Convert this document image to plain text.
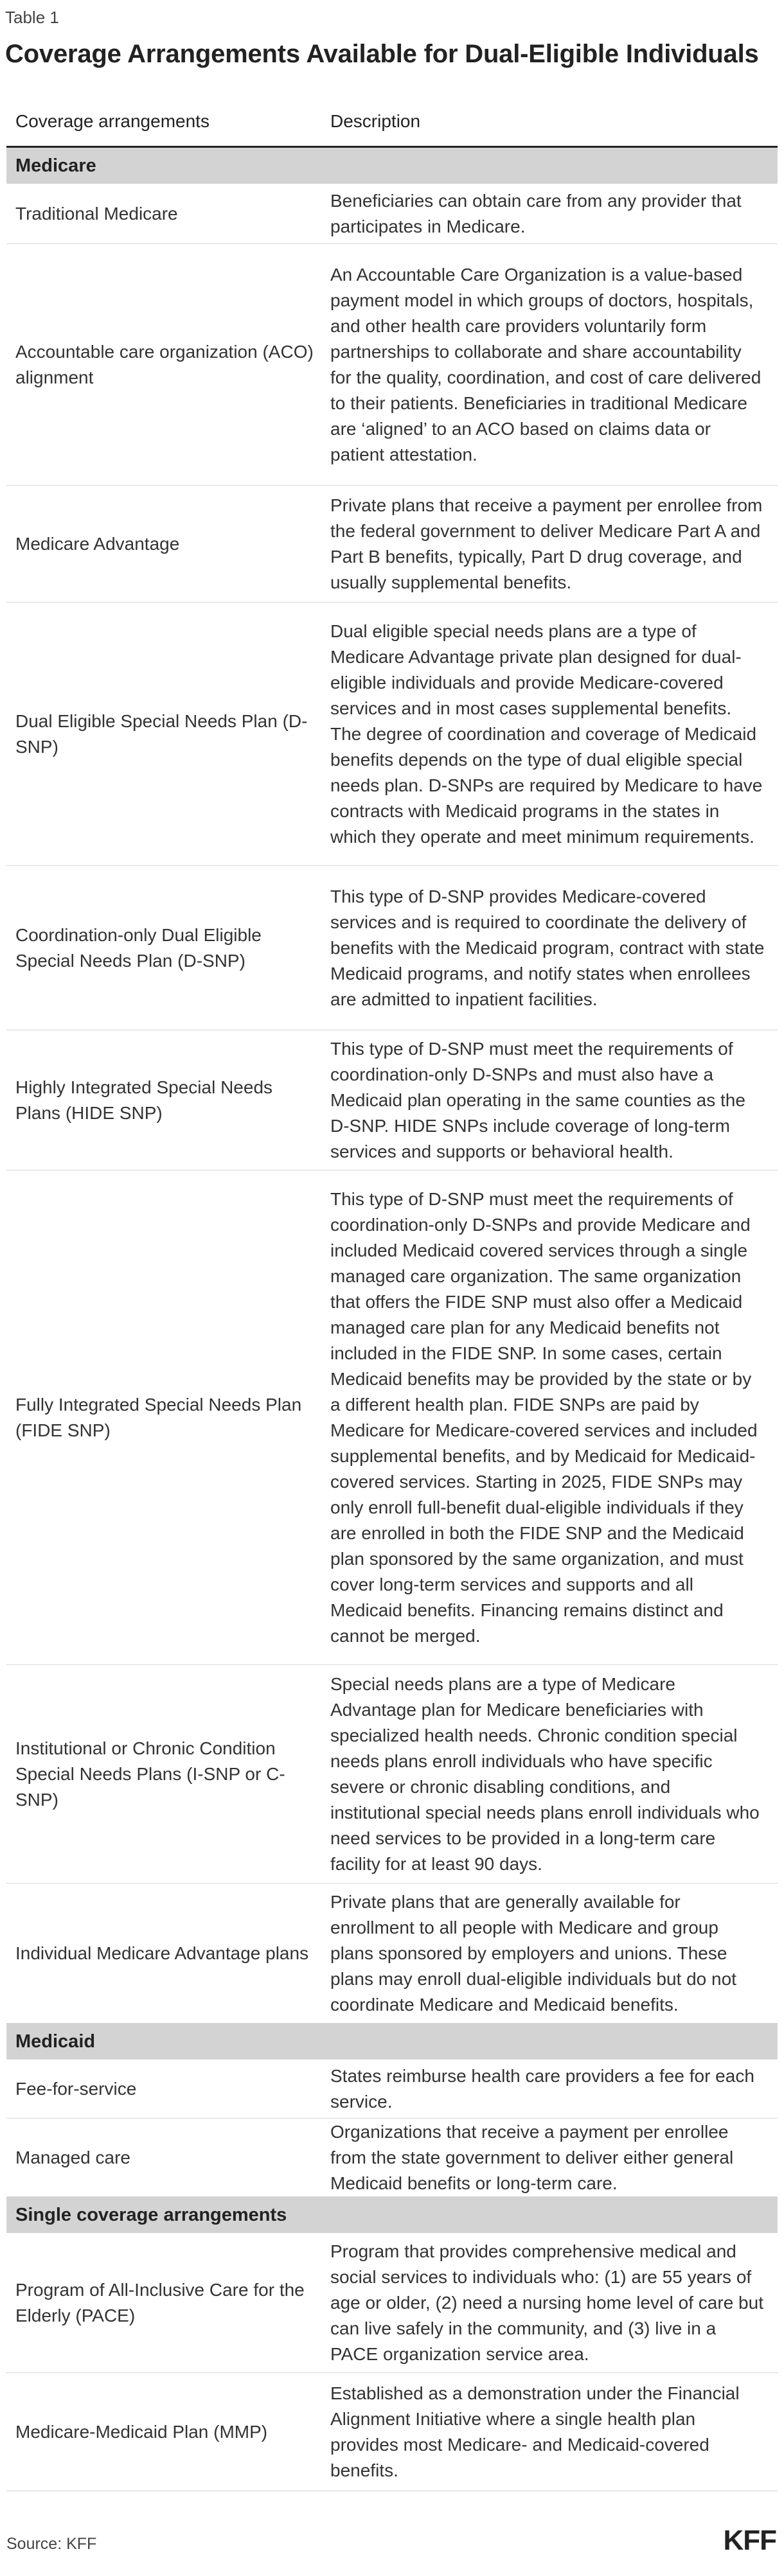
Table 1
Coverage Arrangements Available for Dual-Eligible Individuals
Coverage arrangements	Description
Medicare
Traditional Medicare
Beneficiaries can obtain care from any provider that participates in Medicare.
Accountable care organization (ACO) alignment
An Accountable Care Organization is a value-based payment model in which groups of doctors, hospitals, and other health care providers voluntarily form partnerships to collaborate and share accountability for the quality, coordination, and cost of care delivered to their patients. Beneficiaries in traditional Medicare are ‘aligned’ to an ACO based on claims data or patient attestation.
Medicare Advantage
Private plans that receive a payment per enrollee from the federal government to deliver Medicare Part A and Part B benefits, typically, Part D drug coverage, and usually supplemental benefits.
Dual Eligible Special Needs Plan (D-SNP)
Dual eligible special needs plans are a type of Medicare Advantage private plan designed for dual-eligible individuals and provide Medicare-covered services and in most cases supplemental benefits. The degree of coordination and coverage of Medicaid benefits depends on the type of dual eligible special needs plan. D-SNPs are required by Medicare to have contracts with Medicaid programs in the states in which they operate and meet minimum requirements.
Coordination-only Dual Eligible Special Needs Plan (D-SNP)
This type of D-SNP provides Medicare-covered services and is required to coordinate the delivery of benefits with the Medicaid program, contract with state Medicaid programs, and notify states when enrollees are admitted to inpatient facilities.
Highly Integrated Special Needs Plans (HIDE SNP)
This type of D-SNP must meet the requirements of coordination-only D-SNPs and must also have a Medicaid plan operating in the same counties as the D-SNP. HIDE SNPs include coverage of long-term services and supports or behavioral health.
Fully Integrated Special Needs Plan (FIDE SNP)
This type of D-SNP must meet the requirements of coordination-only D-SNPs and provide Medicare and included Medicaid covered services through a single managed care organization. The same organization that offers the FIDE SNP must also offer a Medicaid managed care plan for any Medicaid benefits not included in the FIDE SNP. In some cases, certain Medicaid benefits may be provided by the state or by a different health plan. FIDE SNPs are paid by Medicare for Medicare-covered services and included supplemental benefits, and by Medicaid for Medicaid-covered services. Starting in 2025, FIDE SNPs may only enroll full-benefit dual-eligible individuals if they are enrolled in both the FIDE SNP and the Medicaid plan sponsored by the same organization, and must cover long-term services and supports and all Medicaid benefits. Financing remains distinct and cannot be merged.
Institutional or Chronic Condition Special Needs Plans (I-SNP or C-SNP)
Special needs plans are a type of Medicare Advantage plan for Medicare beneficiaries with specialized health needs. Chronic condition special needs plans enroll individuals who have specific severe or chronic disabling conditions, and institutional special needs plans enroll individuals who need services to be provided in a long-term care facility for at least 90 days.
Individual Medicare Advantage plans
Private plans that are generally available for enrollment to all people with Medicare and group plans sponsored by employers and unions. These plans may enroll dual-eligible individuals but do not coordinate Medicare and Medicaid benefits.
Medicaid
Fee-for-service
States reimburse health care providers a fee for each service.
Managed care
Organizations that receive a payment per enrollee from the state government to deliver either general Medicaid benefits or long-term care.
Single coverage arrangements
Program of All-Inclusive Care for the Elderly (PACE)
Program that provides comprehensive medical and social services to individuals who: (1) are 55 years of age or older, (2) need a nursing home level of care but can live safely in the community, and (3) live in a PACE organization service area.
Medicare-Medicaid Plan (MMP)
Established as a demonstration under the Financial Alignment Initiative where a single health plan provides most Medicare- and Medicaid-covered benefits.
Source: KFF	KFF
